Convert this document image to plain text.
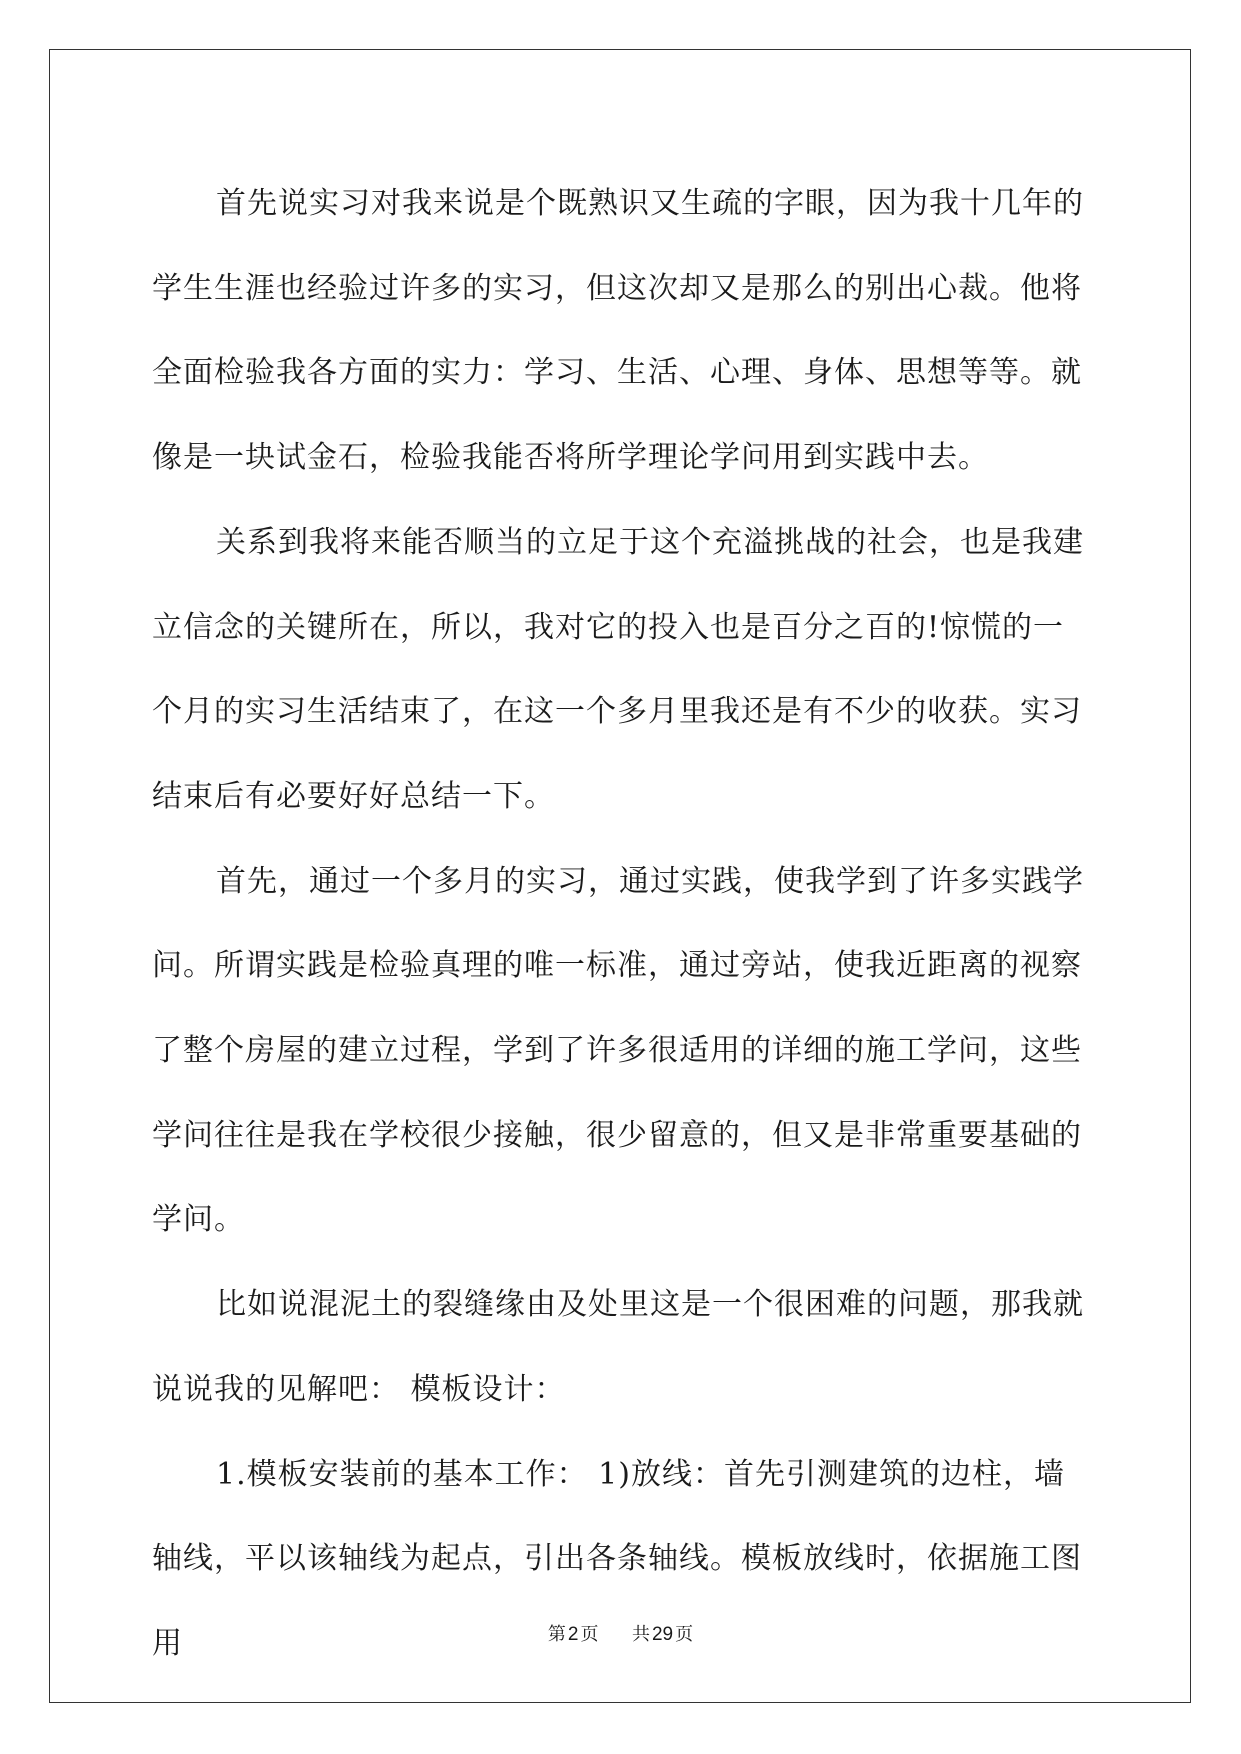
首先说实习对我来说是个既熟识又生疏的字眼，因为我十几年的学生生涯也经验过许多的实习，但这次却又是那么的别出心裁。他将全面检验我各方面的实力：学习、生活、心理、身体、思想等等。就像是一块试金石，检验我能否将所学理论学问用到实践中去。

关系到我将来能否顺当的立足于这个充溢挑战的社会，也是我建立信念的关键所在，所以，我对它的投入也是百分之百的!惊慌的一个月的实习生活结束了，在这一个多月里我还是有不少的收获。实习结束后有必要好好总结一下。

首先，通过一个多月的实习，通过实践，使我学到了许多实践学问。所谓实践是检验真理的唯一标准，通过旁站，使我近距离的视察了整个房屋的建立过程，学到了许多很适用的详细的施工学问，这些学问往往是我在学校很少接触，很少留意的，但又是非常重要基础的学问。

比如说混泥土的裂缝缘由及处里这是一个很困难的问题，那我就说说我的见解吧： 模板设计：

1.模板安装前的基本工作： 1)放线：首先引测建筑的边柱，墙轴线，平以该轴线为起点，引出各条轴线。模板放线时，依据施工图用	第 2 页 共 29 页
